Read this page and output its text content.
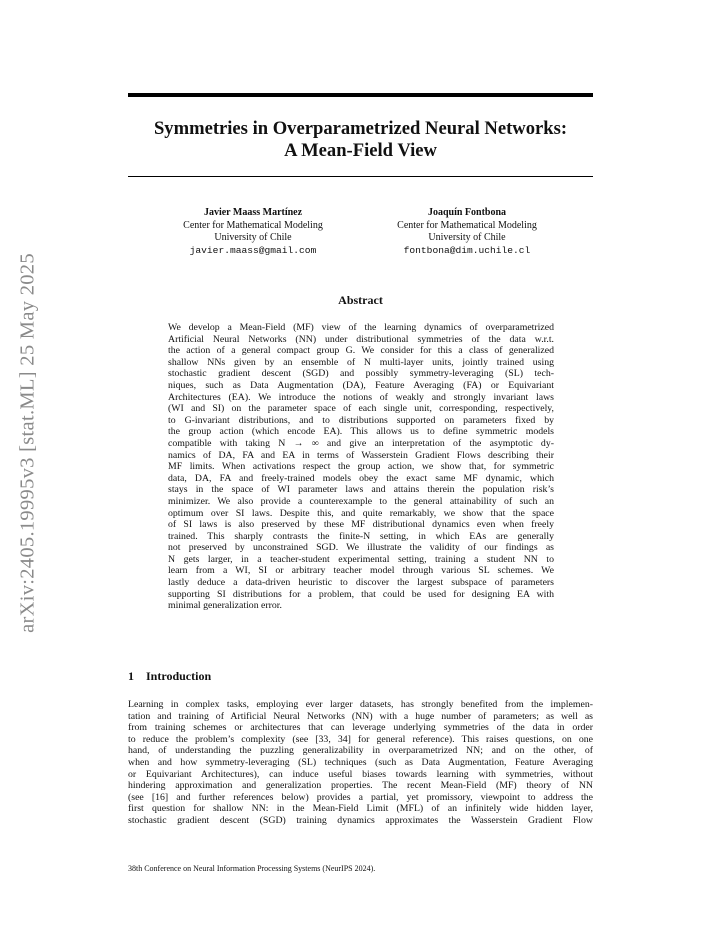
arXiv:2405.19995v3 [stat.ML] 25 May 2025
Symmetries in Overparametrized Neural Networks:
A Mean-Field View
Javier Maass Martínez
Center for Mathematical Modeling
University of Chile
javier.maass@gmail.com
Joaquín Fontbona
Center for Mathematical Modeling
University of Chile
fontbona@dim.uchile.cl
Abstract
We develop a Mean-Field (MF) view of the learning dynamics of overparametrized
Artificial Neural Networks (NN) under distributional symmetries of the data w.r.t.
the action of a general compact group G. We consider for this a class of generalized
shallow NNs given by an ensemble of N multi-layer units, jointly trained using
stochastic gradient descent (SGD) and possibly symmetry-leveraging (SL) tech-
niques, such as Data Augmentation (DA), Feature Averaging (FA) or Equivariant
Architectures (EA). We introduce the notions of weakly and strongly invariant laws
(WI and SI) on the parameter space of each single unit, corresponding, respectively,
to G-invariant distributions, and to distributions supported on parameters fixed by
the group action (which encode EA). This allows us to define symmetric models
compatible with taking N → ∞ and give an interpretation of the asymptotic dy-
namics of DA, FA and EA in terms of Wasserstein Gradient Flows describing their
MF limits. When activations respect the group action, we show that, for symmetric
data, DA, FA and freely-trained models obey the exact same MF dynamic, which
stays in the space of WI parameter laws and attains therein the population risk’s
minimizer. We also provide a counterexample to the general attainability of such an
optimum over SI laws. Despite this, and quite remarkably, we show that the space
of SI laws is also preserved by these MF distributional dynamics even when freely
trained. This sharply contrasts the finite-N setting, in which EAs are generally
not preserved by unconstrained SGD. We illustrate the validity of our findings as
N gets larger, in a teacher-student experimental setting, training a student NN to
learn from a WI, SI or arbitrary teacher model through various SL schemes. We
lastly deduce a data-driven heuristic to discover the largest subspace of parameters
supporting SI distributions for a problem, that could be used for designing EA with
minimal generalization error.
1 Introduction
Learning in complex tasks, employing ever larger datasets, has strongly benefited from the implemen-
tation and training of Artificial Neural Networks (NN) with a huge number of parameters; as well as
from training schemes or architectures that can leverage underlying symmetries of the data in order
to reduce the problem’s complexity (see [33, 34] for general reference). This raises questions, on one
hand, of understanding the puzzling generalizability in overparametrized NN; and on the other, of
when and how symmetry-leveraging (SL) techniques (such as Data Augmentation, Feature Averaging
or Equivariant Architectures), can induce useful biases towards learning with symmetries, without
hindering approximation and generalization properties. The recent Mean-Field (MF) theory of NN
(see [16] and further references below) provides a partial, yet promissory, viewpoint to address the
first question for shallow NN: in the Mean-Field Limit (MFL) of an infinitely wide hidden layer,
stochastic gradient descent (SGD) training dynamics approximates the Wasserstein Gradient Flow
38th Conference on Neural Information Processing Systems (NeurIPS 2024).
